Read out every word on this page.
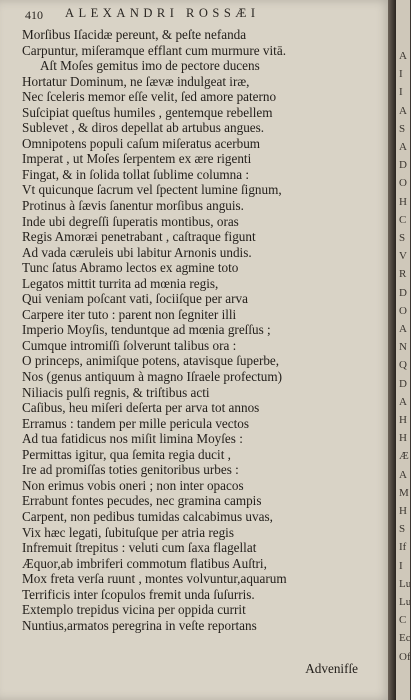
410 ALEXANDRI ROSSÆI
Morſibus Iſacidæ pereunt, & peſte nefanda
Carpuntur, miſeramque efflant cum murmure vitā.
Aſt Moſes gemitus imo de pectore ducens
Hortatur Dominum, ne ſævæ indulgeat iræ,
Nec ſceleris memor eſſe velit, ſed amore paterno
Suſcipiat queſtus humiles , gentemque rebellem
Sublevet , & diros depellat ab artubus angues.
Omnipotens populi caſum miſeratus acerbum
Imperat , ut Moſes ſerpentem ex ære rigenti
Fingat, & in ſolida tollat ſublime columna :
Vt quicunque ſacrum vel ſpectent lumine ſignum,
Protinus à ſævis ſanentur morſibus anguis.
Inde ubi degreſſi ſuperatis montibus, oras
Regis Amoræi penetrabant , caſtraque figunt
Ad vada cæruleis ubi labitur Arnonis undis.
Tunc ſatus Abramo lectos ex agmine toto
Legatos mittit turrita ad mœnia regis,
Qui veniam poſcant vati, ſociiſque per arva
Carpere iter tuto : parent non ſegniter illi
Imperio Moyſis, tenduntque ad mœnia greſſus ;
Cumque intromiſſi ſolverunt talibus ora :
O princeps, animiſque potens, atavisque ſuperbe,
Nos (genus antiquum à magno Iſraele profectum)
Niliacis pulſi regnis, & triſtibus acti
Caſibus, heu miſeri deſerta per arva tot annos
Erramus : tandem per mille pericula vectos
Ad tua fatidicus nos miſit limina Moyſes :
Permittas igitur, qua ſemita regia ducit ,
Ire ad promiſſas toties genitoribus urbes :
Non erimus vobis oneri ; non inter opacos
Errabunt fontes pecudes, nec gramina campis
Carpent, non pedibus tumidas calcabimus uvas,
Vix hæc legati, ſubituſque per atria regis
Infremuit ſtrepitus : veluti cum ſaxa flagellat
Æquor,ab imbriferi commotum flatibus Auſtri,
Mox freta verſa ruunt , montes volvuntur,aquarum
Terrificis inter ſcopulos fremit unda ſuſurris.
Extemplo trepidus vicina per oppida currit
Nuntius,armatos peregrina in veſte reportans
Advenifſe
A
I
I
A
S
A
D
O
H
C
S
V
R
D
O
A
N
Q
D
A
H
H
Æ
A
M
H
S
If
I
Lu
Lu
C
Ec
Of
